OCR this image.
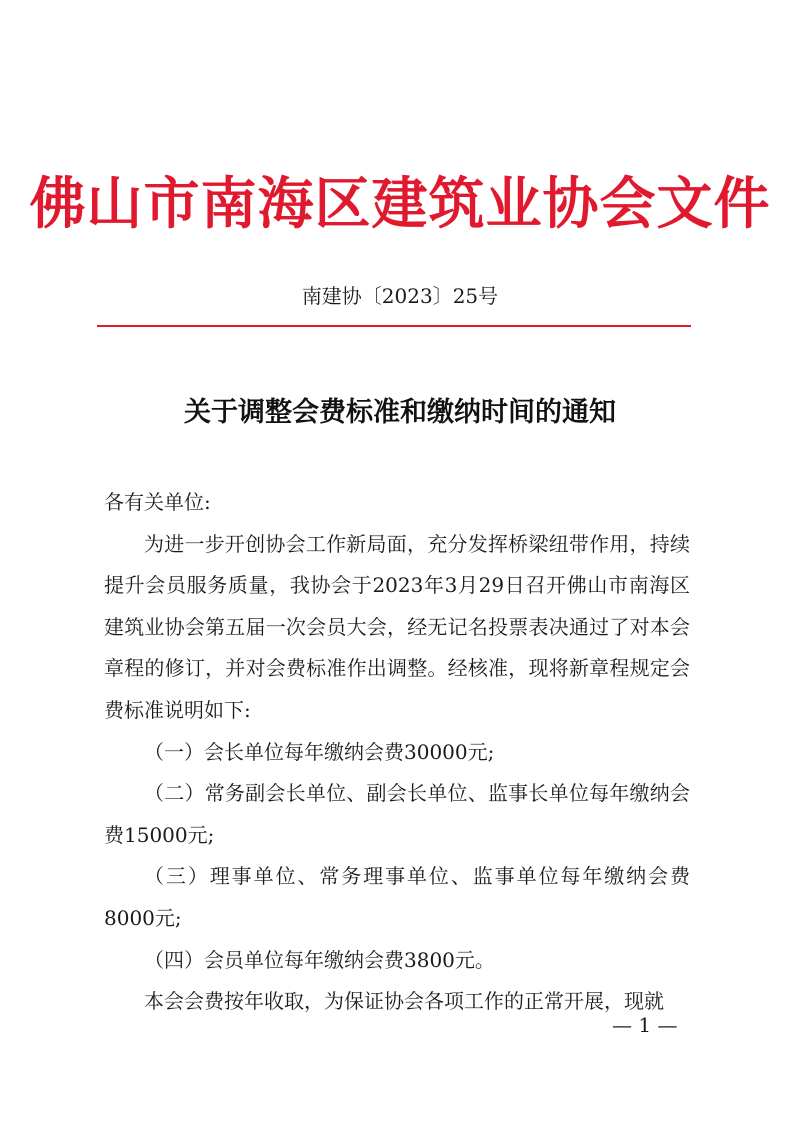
佛山市南海区建筑业协会文件
南建协〔2023〕25号
关于调整会费标准和缴纳时间的通知

各有关单位:

为进一步开创协会工作新局面，充分发挥桥梁纽带作用，持续提升会员服务质量，我协会于2023年3月29日召开佛山市南海区建筑业协会第五届一次会员大会，经无记名投票表决通过了对本会章程的修订，并对会费标准作出调整。经核准，现将新章程规定会费标准说明如下:

（一）会长单位每年缴纳会费30000元;

（二）常务副会长单位、副会长单位、监事长单位每年缴纳会费15000元;

（三）理事单位、常务理事单位、监事单位每年缴纳会费8000元;

（四）会员单位每年缴纳会费3800元。

本会会费按年收取，为保证协会各项工作的正常开展，现就

— 1 —
